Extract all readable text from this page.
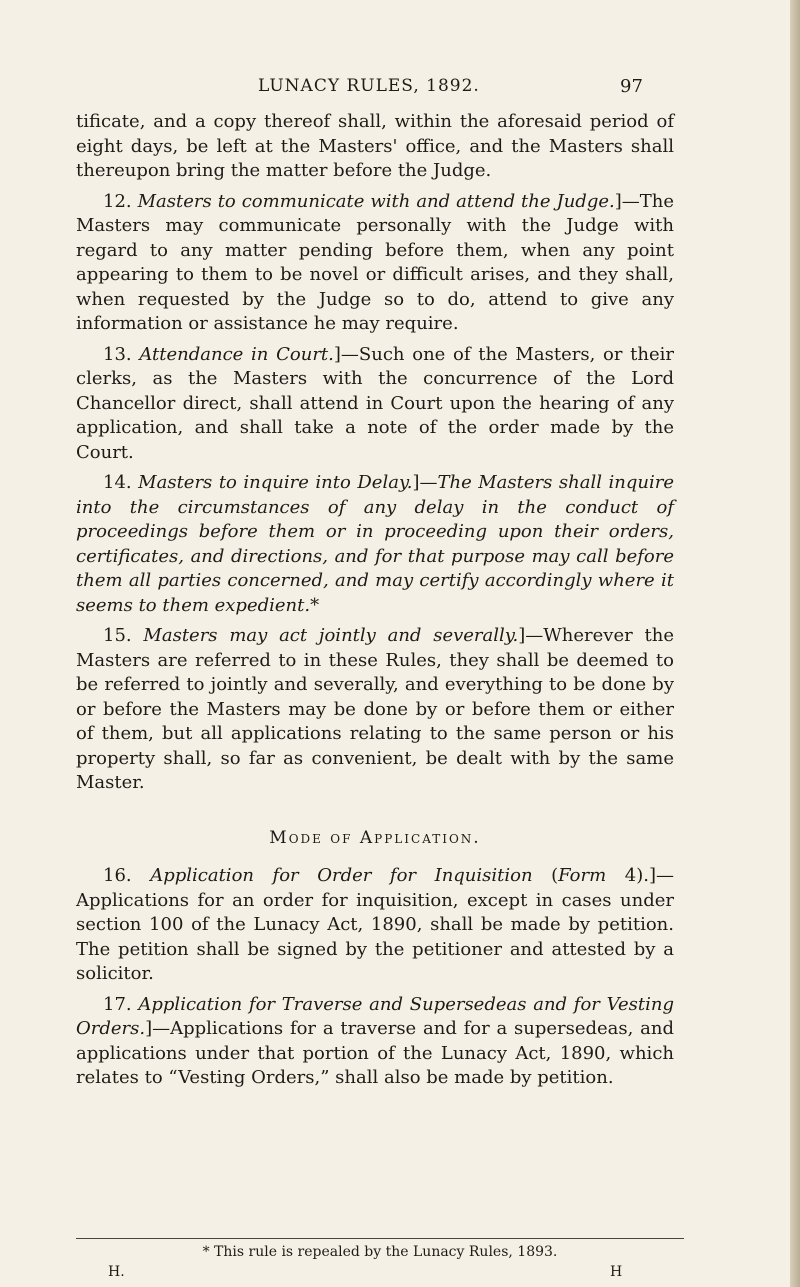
LUNACY RULES, 1892.	97

tificate, and a copy thereof shall, within the aforesaid period of eight days, be left at the Masters' office, and the Masters shall thereupon bring the matter before the Judge.

12. Masters to communicate with and attend the Judge.]—The Masters may communicate personally with the Judge with regard to any matter pending before them, when any point appearing to them to be novel or difficult arises, and they shall, when requested by the Judge so to do, attend to give any information or assistance he may require.

13. Attendance in Court.]—Such one of the Masters, or their clerks, as the Masters with the concurrence of the Lord Chancellor direct, shall attend in Court upon the hearing of any application, and shall take a note of the order made by the Court.

14. Masters to inquire into Delay.]—The Masters shall inquire into the circumstances of any delay in the conduct of proceedings before them or in proceeding upon their orders, certificates, and directions, and for that purpose may call before them all parties concerned, and may certify accordingly where it seems to them expedient.*

15. Masters may act jointly and severally.]—Wherever the Masters are referred to in these Rules, they shall be deemed to be referred to jointly and severally, and everything to be done by or before the Masters may be done by or before them or either of them, but all applications relating to the same person or his property shall, so far as convenient, be dealt with by the same Master.

Mode of Application.

16. Application for Order for Inquisition (Form 4).]—Applications for an order for inquisition, except in cases under section 100 of the Lunacy Act, 1890, shall be made by petition. The petition shall be signed by the petitioner and attested by a solicitor.

17. Application for Traverse and Supersedeas and for Vesting Orders.]—Applications for a traverse and for a supersedeas, and applications under that portion of the Lunacy Act, 1890, which relates to “Vesting Orders,” shall also be made by petition.

* This rule is repealed by the Lunacy Rules, 1893.
H.	H
